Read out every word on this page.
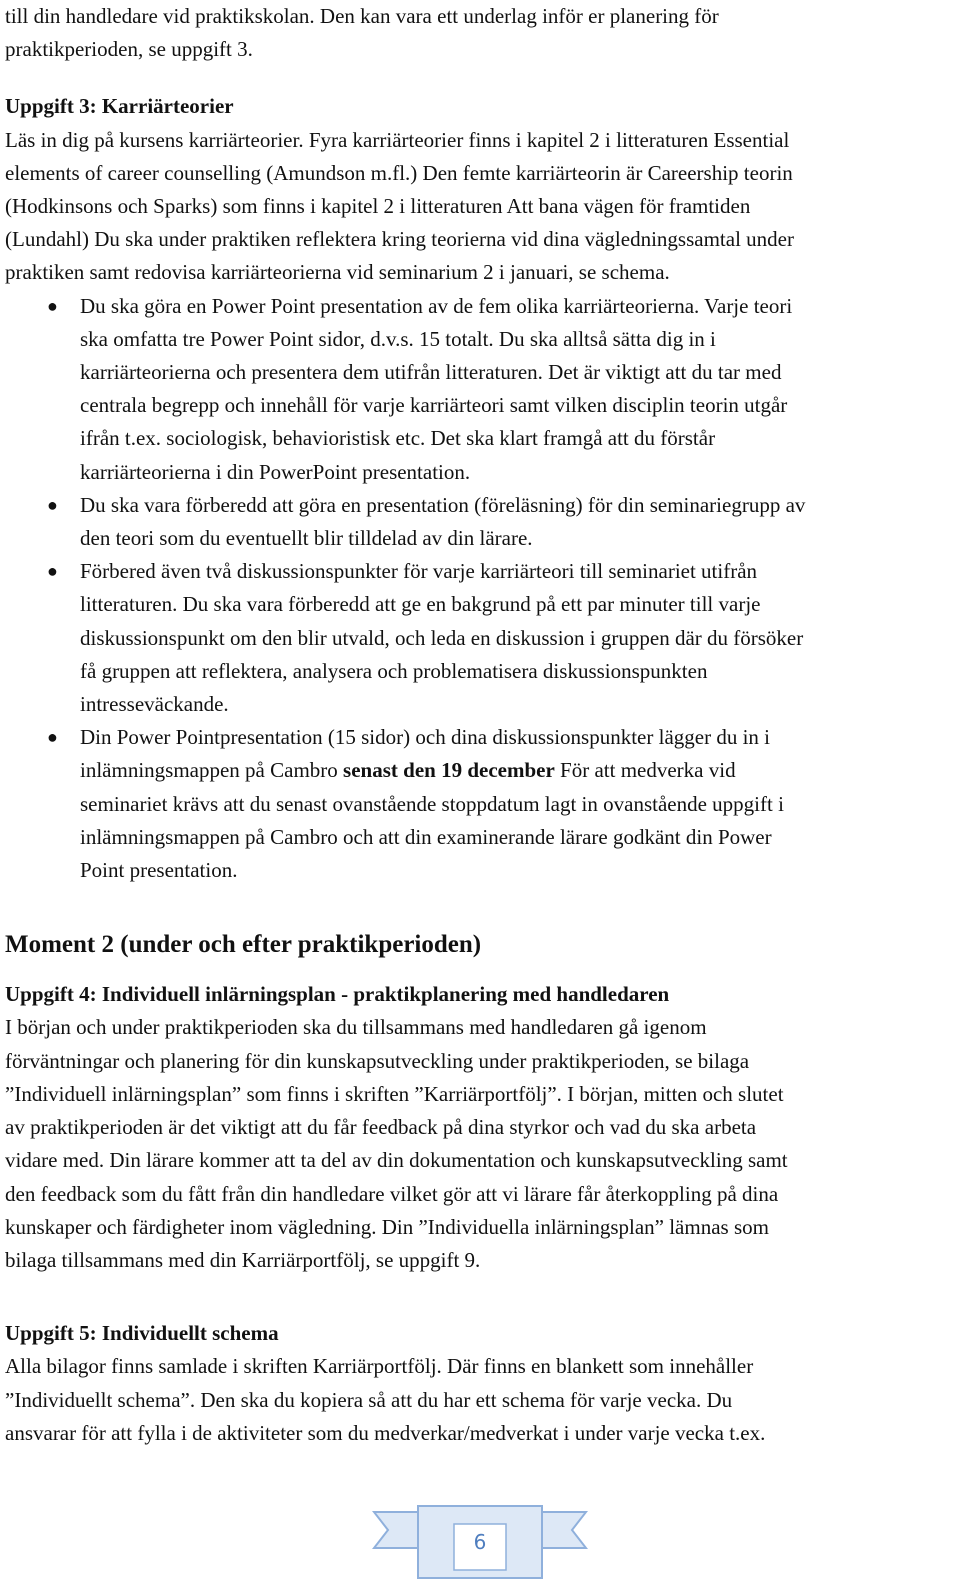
till din handledare vid praktikskolan. Den kan vara ett underlag inför er planering för

praktikperioden, se uppgift 3.

Uppgift 3: Karriärteorier

Läs in dig på kursens karriärteorier. Fyra karriärteorier finns i kapitel 2 i litteraturen Essential

elements of career counselling (Amundson m.fl.) Den femte karriärteorin är Careership teorin

(Hodkinsons och Sparks) som finns i kapitel 2 i litteraturen Att bana vägen för framtiden

(Lundahl) Du ska under praktiken reflektera kring teorierna vid dina vägledningssamtal under

praktiken samt redovisa karriärteorierna vid seminarium 2 i januari, se schema.

● Du ska göra en Power Point presentation av de fem olika karriärteorierna. Varje teori
ska omfatta tre Power Point sidor, d.v.s. 15 totalt. Du ska alltså sätta dig in i
karriärteorierna och presentera dem utifrån litteraturen. Det är viktigt att du tar med
centrala begrepp och innehåll för varje karriärteori samt vilken disciplin teorin utgår
ifrån t.ex. sociologisk, behavioristisk etc. Det ska klart framgå att du förstår
karriärteorierna i din PowerPoint presentation.
● Du ska vara förberedd att göra en presentation (föreläsning) för din seminariegrupp av
den teori som du eventuellt blir tilldelad av din lärare.
● Förbered även två diskussionspunkter för varje karriärteori till seminariet utifrån
litteraturen. Du ska vara förberedd att ge en bakgrund på ett par minuter till varje
diskussionspunkt om den blir utvald, och leda en diskussion i gruppen där du försöker
få gruppen att reflektera, analysera och problematisera diskussionspunkten
intresseväckande.
● Din Power Pointpresentation (15 sidor) och dina diskussionspunkter lägger du in i
inlämningsmappen på Cambro senast den 19 december För att medverka vid
seminariet krävs att du senast ovanstående stoppdatum lagt in ovanstående uppgift i
inlämningsmappen på Cambro och att din examinerande lärare godkänt din Power
Point presentation.

Moment 2 (under och efter praktikperioden)

Uppgift 4: Individuell inlärningsplan - praktikplanering med handledaren

I början och under praktikperioden ska du tillsammans med handledaren gå igenom

förväntningar och planering för din kunskapsutveckling under praktikperioden, se bilaga

”Individuell inlärningsplan” som finns i skriften ”Karriärportfölj”. I början, mitten och slutet

av praktikperioden är det viktigt att du får feedback på dina styrkor och vad du ska arbeta

vidare med. Din lärare kommer att ta del av din dokumentation och kunskapsutveckling samt

den feedback som du fått från din handledare vilket gör att vi lärare får återkoppling på dina

kunskaper och färdigheter inom vägledning. Din ”Individuella inlärningsplan” lämnas som

bilaga tillsammans med din Karriärportfölj, se uppgift 9.

Uppgift 5: Individuellt schema

Alla bilagor finns samlade i skriften Karriärportfölj. Där finns en blankett som innehåller

”Individuellt schema”. Den ska du kopiera så att du har ett schema för varje vecka. Du

ansvarar för att fylla i de aktiviteter som du medverkar/medverkat i under varje vecka t.ex.

6
